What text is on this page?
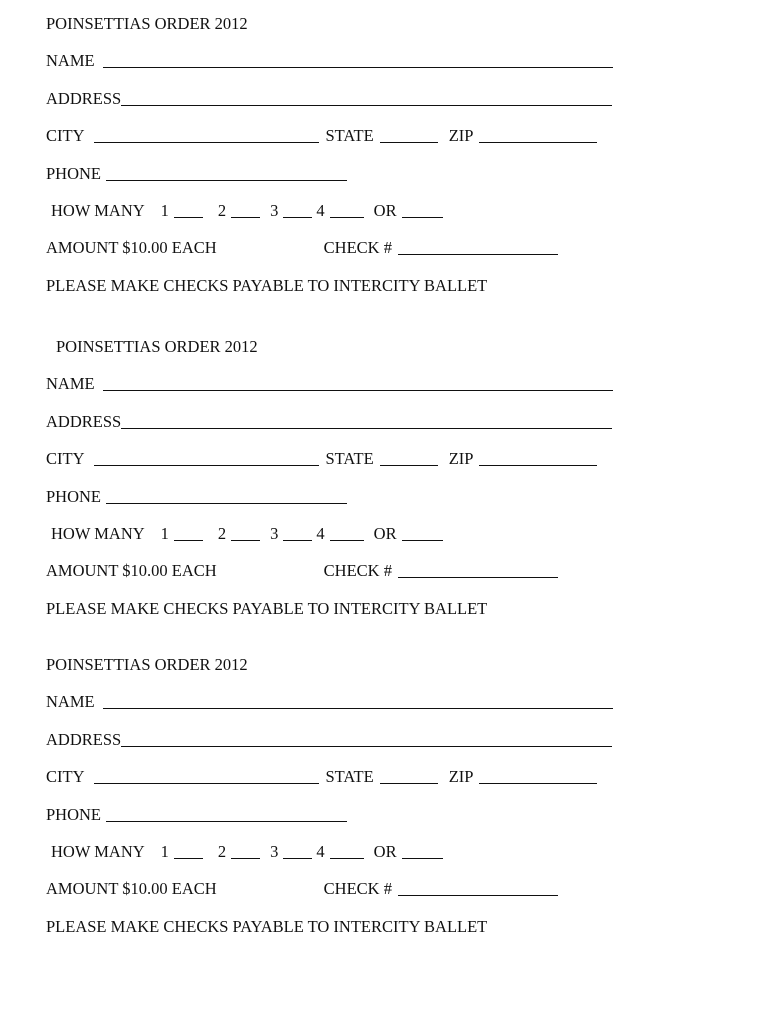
POINSETTIAS ORDER 2012
NAME
ADDRESS
CITY	STATE	ZIP
PHONE
HOW MANY 1	2	3 4	OR
AMOUNT $10.00 EACH	CHECK #
PLEASE MAKE CHECKS PAYABLE TO INTERCITY BALLET
POINSETTIAS ORDER 2012
NAME
ADDRESS
CITY	STATE	ZIP
PHONE
HOW MANY 1	2	3 4	OR
AMOUNT $10.00 EACH	CHECK #
PLEASE MAKE CHECKS PAYABLE TO INTERCITY BALLET
POINSETTIAS ORDER 2012
NAME
ADDRESS
CITY	STATE	ZIP
PHONE
HOW MANY 1	2	3 4	OR
AMOUNT $10.00 EACH	CHECK #
PLEASE MAKE CHECKS PAYABLE TO INTERCITY BALLET
